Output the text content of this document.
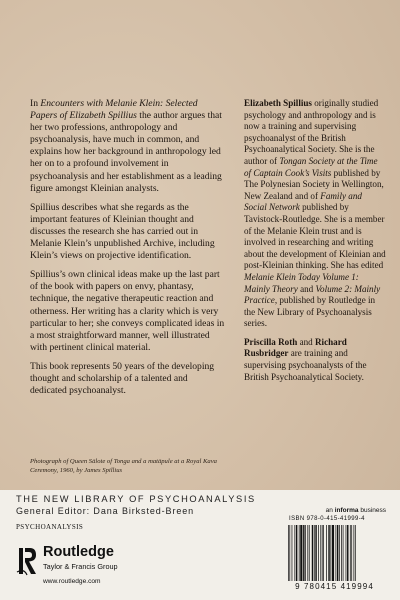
In Encounters with Melanie Klein: Selected Papers of Elizabeth Spillius the author argues that her two professions, anthropology and psychoanalysis, have much in common, and explains how her background in anthropology led her on to a profound involvement in psychoanalysis and her establishment as a leading figure amongst Kleinian analysts.

Spillius describes what she regards as the important features of Kleinian thought and discusses the research she has carried out in Melanie Klein’s unpublished Archive, including Klein’s views on projective identification.

Spillius’s own clinical ideas make up the last part of the book with papers on envy, phantasy, technique, the negative therapeutic reaction and otherness. Her writing has a clarity which is very particular to her; she conveys complicated ideas in a most straightforward manner, well illustrated with pertinent clinical material.

This book represents 50 years of the developing thought and scholarship of a talented and dedicated psychoanalyst.

Elizabeth Spillius originally studied psychology and anthropology and is now a training and supervising psychoanalyst of the British Psychoanalytical Society. She is the author of Tongan Society at the Time of Captain Cook’s Visits published by The Polynesian Society in Wellington, New Zealand and of Family and Social Network published by Tavistock-Routledge. She is a member of the Melanie Klein trust and is involved in researching and writing about the development of Kleinian and post-Kleinian thinking. She has edited Melanie Klein Today Volume 1: Mainly Theory and Volume 2: Mainly Practice, published by Routledge in the New Library of Psychoanalysis series.

Priscilla Roth and Richard Rusbridger are training and supervising psychoanalysts of the British Psychoanalytical Society.

Photograph of Queen Sālote of Tonga and a matāpule at a Royal Kava Ceremony, 1960, by James Spillius
THE NEW LIBRARY OF PSYCHOANALYSIS
General Editor: Dana Birksted-Breen
PSYCHOANALYSIS
Routledge
Taylor & Francis Group
www.routledge.com
an informa business
ISBN 978-0-415-41999-4
9 780415 419994
